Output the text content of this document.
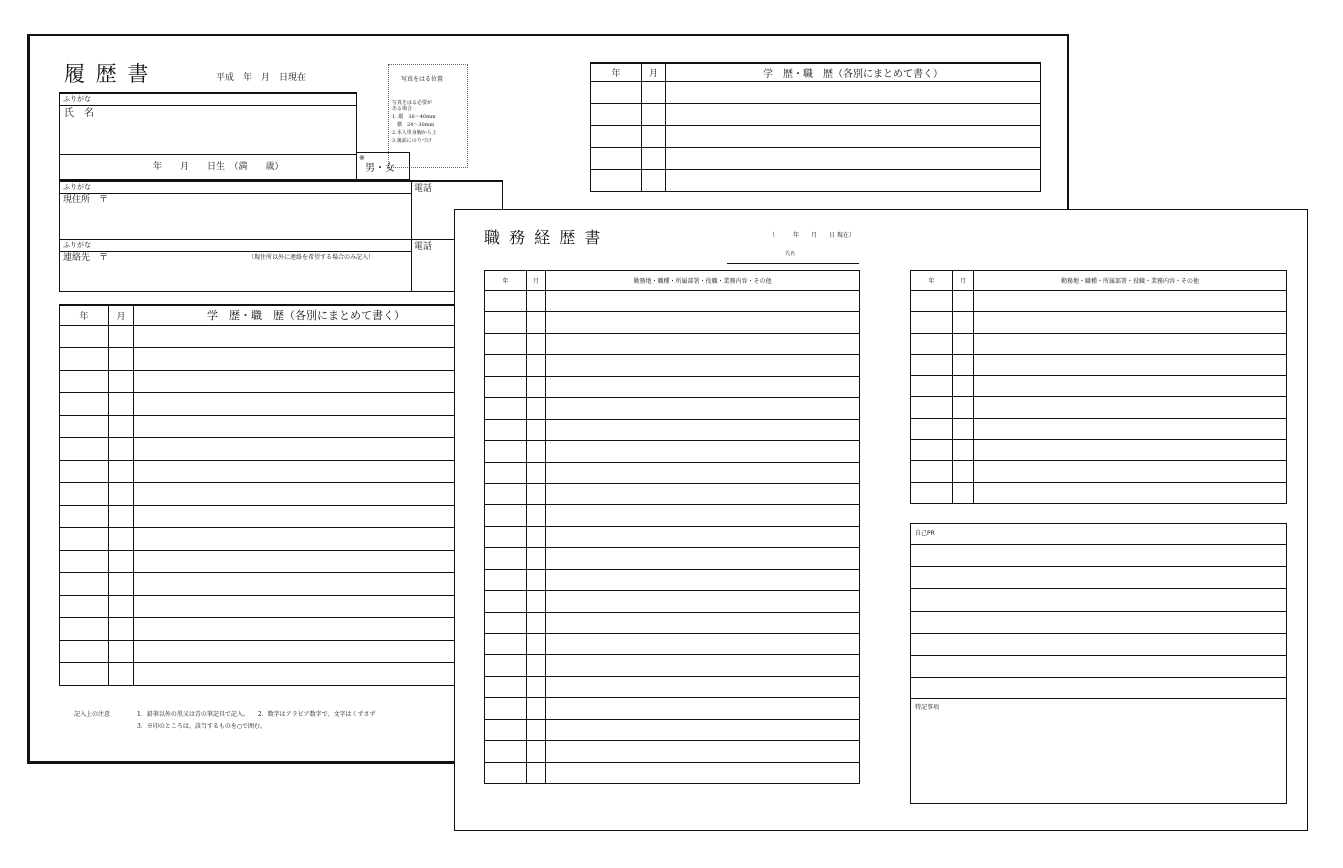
履 歴 書	平成　年　月　日現在	写真をはる位置
写真をはる必要が
ある場合
1. 縦　36～40mm
　横　24～30mm
2.本人単身胸から上
3.裏面にのりづけ
ふりがな
氏　名
年　　月　　日生　（満　　歳）
※
男・女
ふりがな
現住所　〒
電話
ふりがな
連絡先　〒	（現住所以外に連絡を希望する場合のみ記入）
電話
年	月	学　歴・職　歴（各別にまとめて書く）

記入上の注意	1．鉛筆以外の黒又は青の筆記具で記入。　　2．数字はアラビア数字で、文字はくずさず
3．※印のところは、該当するものを○で囲む。
年	月	学　歴・職　歴（各別にまとめて書く）

職 務 経 歴 書	（　　　年　　月　　日 現在）
氏名
年	月	勤務地・職種・所属部署・役職・業務内容・その他

			年	月	勤務地・職種・所属部署・役職・業務内容・その他

自己PR
特記事項
